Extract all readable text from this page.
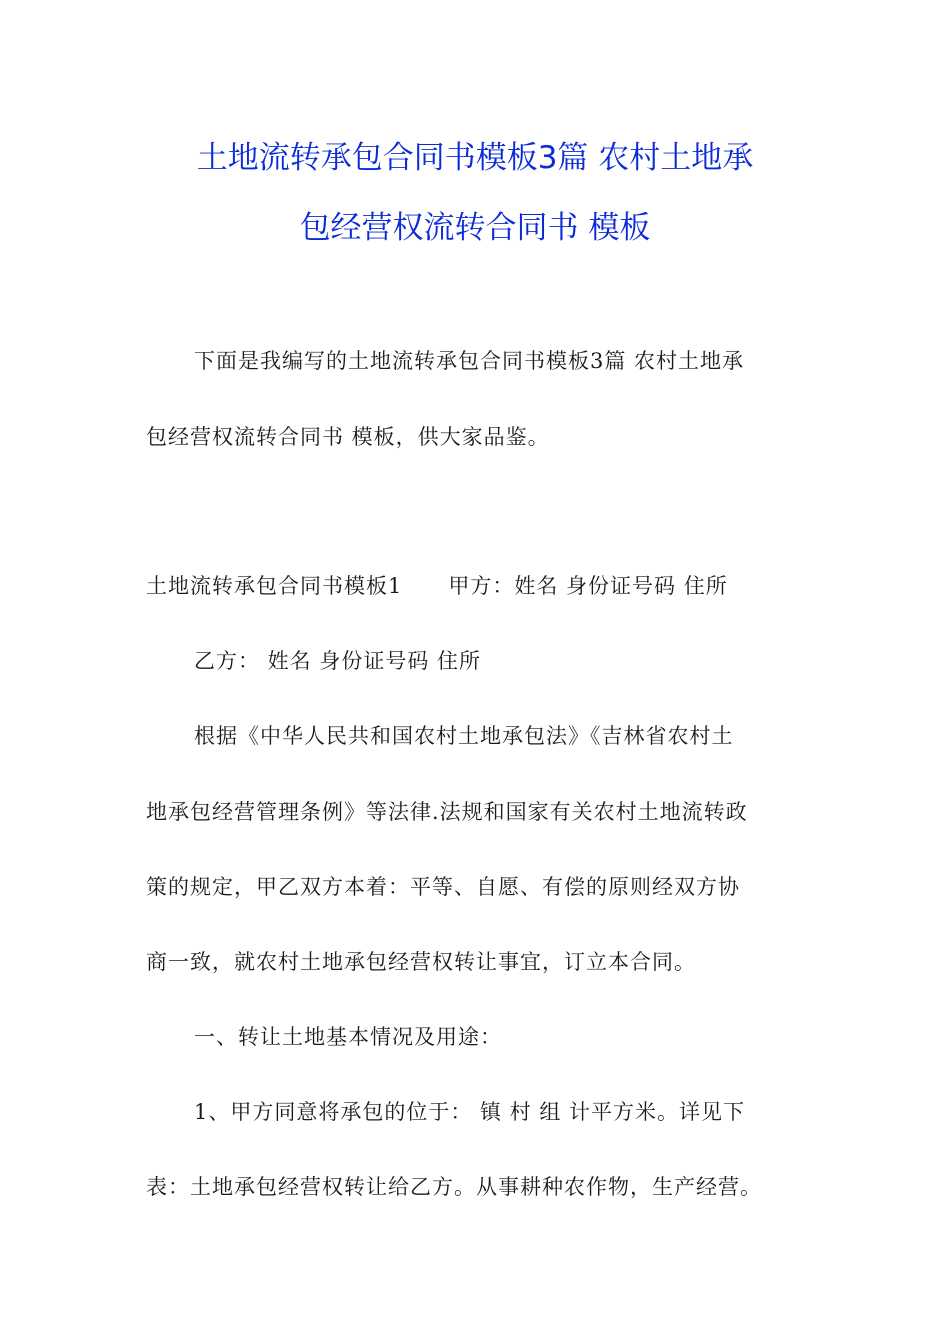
土地流转承包合同书模板3篇 农村土地承
包经营权流转合同书 模板

下面是我编写的土地流转承包合同书模板3篇 农村土地承

包经营权流转合同书 模板，供大家品鉴。

土地流转承包合同书模板1 甲方：姓名 身份证号码 住所

乙方： 姓名 身份证号码 住所

根据《中华人民共和国农村土地承包法》《吉林省农村土

地承包经营管理条例》等法律.法规和国家有关农村土地流转政

策的规定，甲乙双方本着：平等、自愿、有偿的原则经双方协

商一致，就农村土地承包经营权转让事宜，订立本合同。

一、转让土地基本情况及用途：

1、甲方同意将承包的位于： 镇 村 组 计平方米。详见下

表：土地承包经营权转让给乙方。从事耕种农作物，生产经营。
